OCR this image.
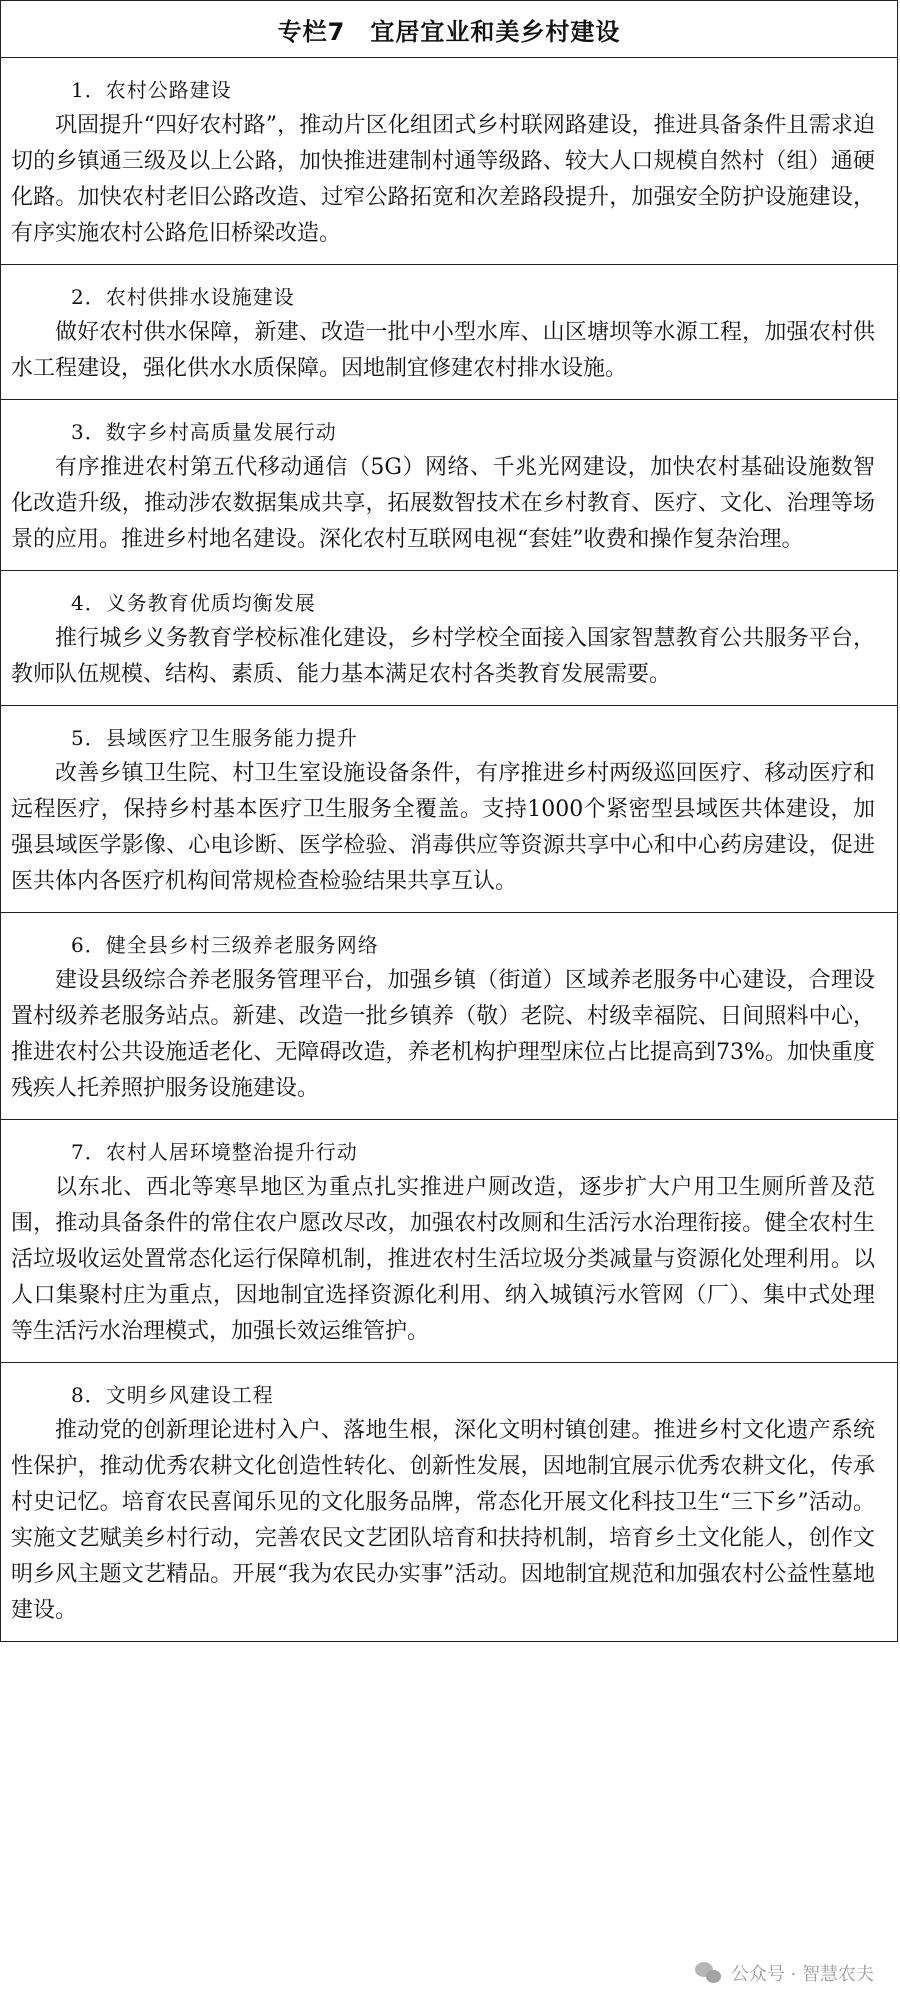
专栏7　宜居宜业和美乡村建设

1．农村公路建设

巩固提升“四好农村路”，推动片区化组团式乡村联网路建设，推进具备条件且需求迫切的乡镇通三级及以上公路，加快推进建制村通等级路、较大人口规模自然村（组）通硬化路。加快农村老旧公路改造、过窄公路拓宽和次差路段提升，加强安全防护设施建设，有序实施农村公路危旧桥梁改造。

2．农村供排水设施建设

做好农村供水保障，新建、改造一批中小型水库、山区塘坝等水源工程，加强农村供水工程建设，强化供水水质保障。因地制宜修建农村排水设施。

3．数字乡村高质量发展行动

有序推进农村第五代移动通信（5G）网络、千兆光网建设，加快农村基础设施数智化改造升级，推动涉农数据集成共享，拓展数智技术在乡村教育、医疗、文化、治理等场景的应用。推进乡村地名建设。深化农村互联网电视“套娃”收费和操作复杂治理。

4．义务教育优质均衡发展

推行城乡义务教育学校标准化建设，乡村学校全面接入国家智慧教育公共服务平台，教师队伍规模、结构、素质、能力基本满足农村各类教育发展需要。

5．县域医疗卫生服务能力提升

改善乡镇卫生院、村卫生室设施设备条件，有序推进乡村两级巡回医疗、移动医疗和远程医疗，保持乡村基本医疗卫生服务全覆盖。支持1000个紧密型县域医共体建设，加强县域医学影像、心电诊断、医学检验、消毒供应等资源共享中心和中心药房建设，促进医共体内各医疗机构间常规检查检验结果共享互认。

6．健全县乡村三级养老服务网络

建设县级综合养老服务管理平台，加强乡镇（街道）区域养老服务中心建设，合理设置村级养老服务站点。新建、改造一批乡镇养（敬）老院、村级幸福院、日间照料中心，推进农村公共设施适老化、无障碍改造，养老机构护理型床位占比提高到73%。加快重度残疾人托养照护服务设施建设。

7．农村人居环境整治提升行动

以东北、西北等寒旱地区为重点扎实推进户厕改造，逐步扩大户用卫生厕所普及范围，推动具备条件的常住农户愿改尽改，加强农村改厕和生活污水治理衔接。健全农村生活垃圾收运处置常态化运行保障机制，推进农村生活垃圾分类减量与资源化处理利用。以人口集聚村庄为重点，因地制宜选择资源化利用、纳入城镇污水管网（厂）、集中式处理等生活污水治理模式，加强长效运维管护。

8．文明乡风建设工程

推动党的创新理论进村入户、落地生根，深化文明村镇创建。推进乡村文化遗产系统性保护，推动优秀农耕文化创造性转化、创新性发展，因地制宜展示优秀农耕文化，传承村史记忆。培育农民喜闻乐见的文化服务品牌，常态化开展文化科技卫生“三下乡”活动。实施文艺赋美乡村行动，完善农民文艺团队培育和扶持机制，培育乡土文化能人，创作文明乡风主题文艺精品。开展“我为农民办实事”活动。因地制宜规范和加强农村公益性墓地建设。

公众号 · 智慧农夫
